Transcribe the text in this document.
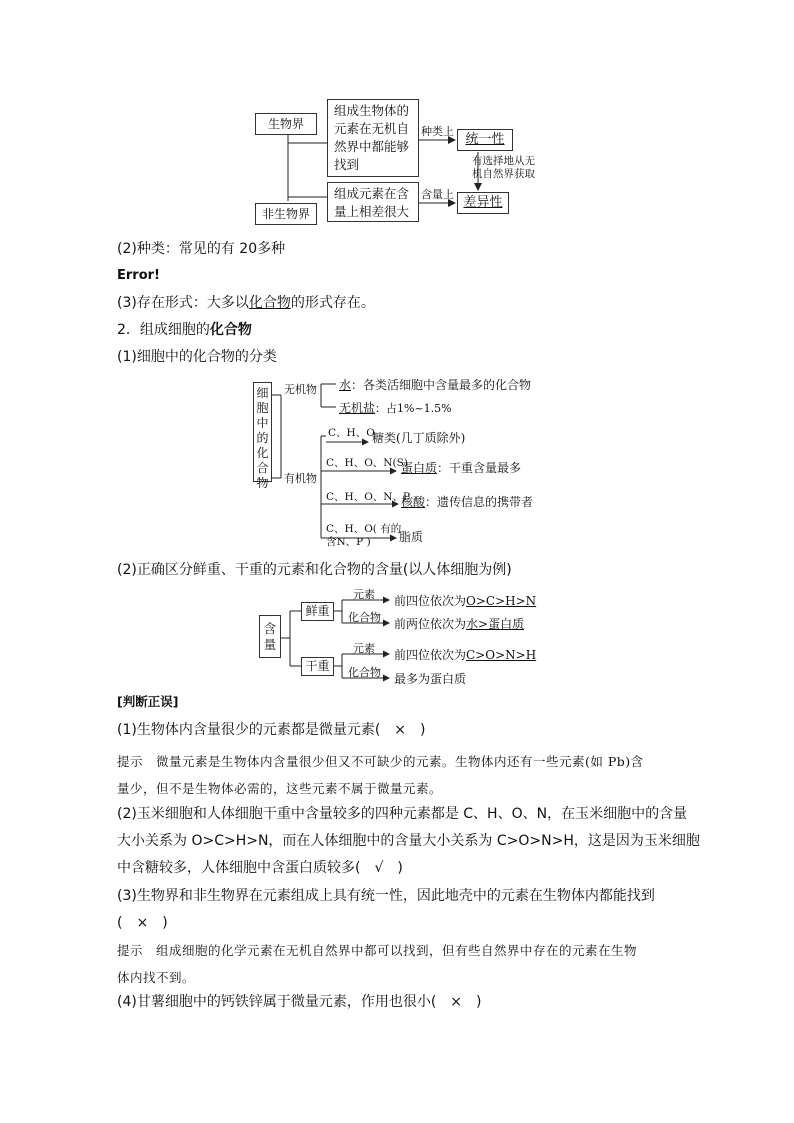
生物界
非生物界
组成生物体的
元素在无机自
然界中都能够
找到
组成元素在含
量上相差很大
种类上
含量上
统一性
差异性
有选择地从无
机自然界获取
(2)种类：常见的有 20多种
Error!
(3)存在形式：大多以化合物的形式存在。
2．组成细胞的化合物
(1)细胞中的化合物的分类
细
胞
中
的
化
合
物
无机物
有机物
水：各类活细胞中含量最多的化合物
无机盐：占1%~1.5%
C、H、O
糖类(几丁质除外)
C、H、O、N(S)
蛋白质：干重含量最多
C、H、O、N、P
核酸：遗传信息的携带者
C、H、O( 有的
含N、P )	脂质
(2)正确区分鲜重、干重的元素和化合物的含量(以人体细胞为例)
含
量
鲜重
干重
元素
化合物
元素
化合物
前四位依次为O>C>H>N
前两位依次为水>蛋白质
前四位依次为C>O>N>H
最多为蛋白质
[判断正误]
(1)生物体内含量很少的元素都是微量元素(　×　)
提示　微量元素是生物体内含量很少但又不可缺少的元素。生物体内还有一些元素(如 Pb)含
量少，但不是生物体必需的，这些元素不属于微量元素。
(2)玉米细胞和人体细胞干重中含量较多的四种元素都是 C、H、O、N，在玉米细胞中的含量
大小关系为 O>C>H>N，而在人体细胞中的含量大小关系为 C>O>N>H，这是因为玉米细胞
中含糖较多，人体细胞中含蛋白质较多(　√　)
(3)生物界和非生物界在元素组成上具有统一性，因此地壳中的元素在生物体内都能找到
(　×　)
提示　组成细胞的化学元素在无机自然界中都可以找到，但有些自然界中存在的元素在生物
体内找不到。
(4)甘薯细胞中的钙铁锌属于微量元素，作用也很小(　×　)
